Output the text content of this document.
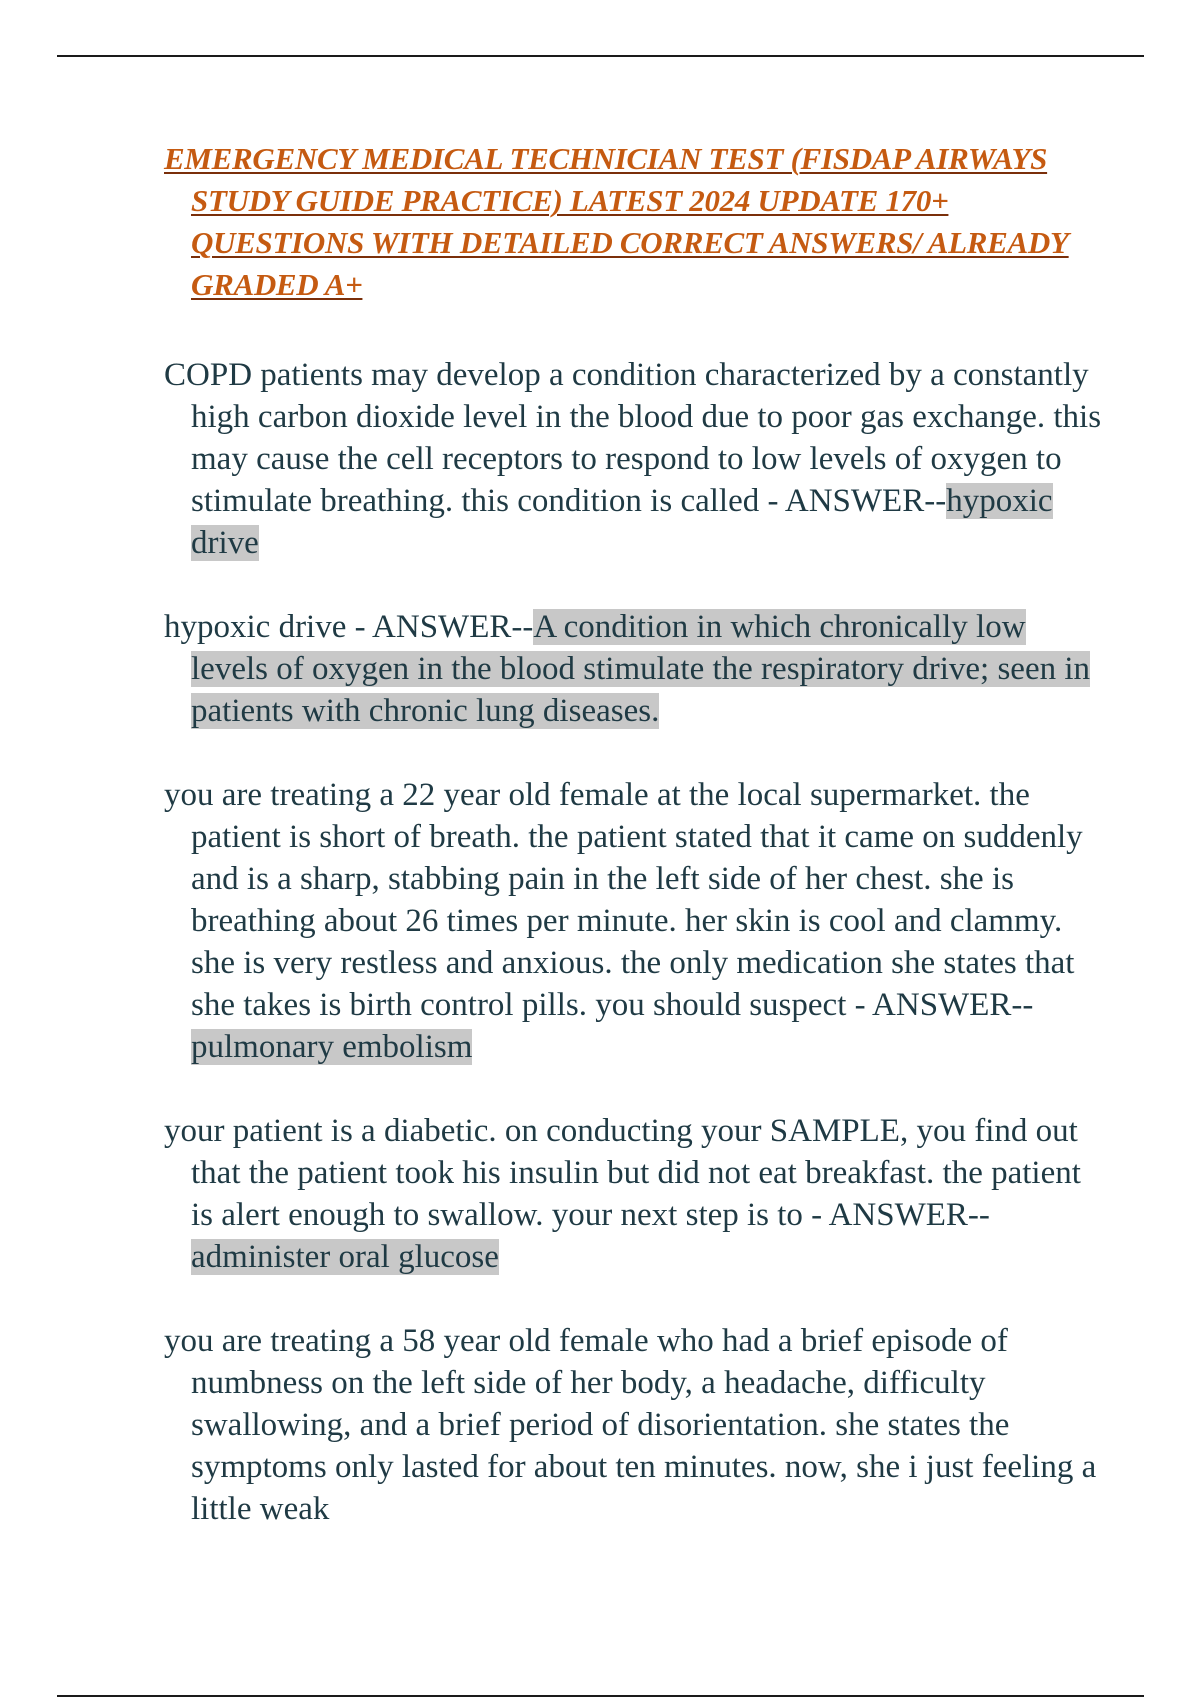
EMERGENCY MEDICAL TECHNICIAN TEST (FISDAP AIRWAYS STUDY GUIDE PRACTICE) LATEST 2024 UPDATE 170+ QUESTIONS WITH DETAILED CORRECT ANSWERS/ ALREADY GRADED A+

COPD patients may develop a condition characterized by a constantly high carbon dioxide level in the blood due to poor gas exchange. this may cause the cell receptors to respond to low levels of oxygen to stimulate breathing. this condition is called - ANSWER--hypoxic drive

hypoxic drive - ANSWER--A condition in which chronically low levels of oxygen in the blood stimulate the respiratory drive; seen in patients with chronic lung diseases.

you are treating a 22 year old female at the local supermarket. the patient is short of breath. the patient stated that it came on suddenly and is a sharp, stabbing pain in the left side of her chest. she is breathing about 26 times per minute. her skin is cool and clammy. she is very restless and anxious. the only medication she states that she takes is birth control pills. you should suspect - ANSWER--pulmonary embolism

your patient is a diabetic. on conducting your SAMPLE, you find out that the patient took his insulin but did not eat breakfast. the patient is alert enough to swallow. your next step is to - ANSWER--administer oral glucose

you are treating a 58 year old female who had a brief episode of numbness on the left side of her body, a headache, difficulty swallowing, and a brief period of disorientation. she states the symptoms only lasted for about ten minutes. now, she i just feeling a little weak
